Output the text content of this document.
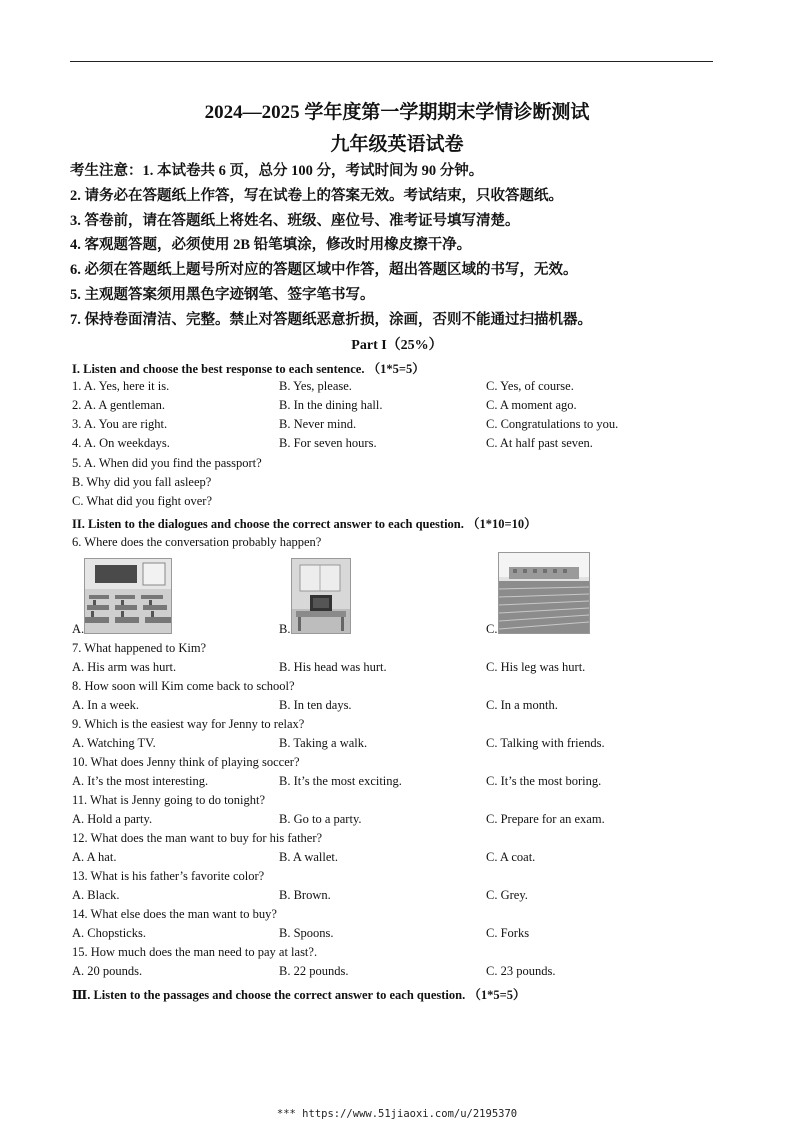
2024—2025 学年度第一学期期末学情诊断测试
九年级英语试卷
考生注意：1. 本试卷共 6 页，总分 100 分，考试时间为 90 分钟。
2. 请务必在答题纸上作答，写在试卷上的答案无效。考试结束，只收答题纸。
3. 答卷前，请在答题纸上将姓名、班级、座位号、准考证号填写清楚。
4. 客观题答题，必须使用 2B 铅笔填涂，修改时用橡皮擦干净。
6. 必须在答题纸上题号所对应的答题区域中作答，超出答题区域的书写，无效。
5. 主观题答案须用黑色字迹钢笔、签字笔书写。
7. 保持卷面清洁、完整。禁止对答题纸恶意折损，涂画，否则不能通过扫描机器。
Part I（25%）
I. Listen and choose the best response to each sentence. （1*5=5）
1. A. Yes, here it is.	B. Yes, please.	C. Yes, of course.
2. A. A gentleman.	B. In the dining hall.	C. A moment ago.
3. A. You are right.	B. Never mind.	C. Congratulations to you.
4. A. On weekdays.	B. For seven hours.	C. At half past seven.
5. A. When did you find the passport?
B. Why did you fall asleep?
C. What did you fight over?
II. Listen to the dialogues and choose the correct answer to each question. （1*10=10）
6. Where does the conversation probably happen?
A.	B.	C.
7. What happened to Kim?
A. His arm was hurt.	B. His head was hurt.	C. His leg was hurt.
8. How soon will Kim come back to school?
A. In a week.	B. In ten days.	C. In a month.
9. Which is the easiest way for Jenny to relax?
A. Watching TV.	B. Taking a walk.	C. Talking with friends.
10. What does Jenny think of playing soccer?
A. It’s the most interesting.	B. It’s the most exciting.	C. It’s the most boring.
11. What is Jenny going to do tonight?
A. Hold a party.	B. Go to a party.	C. Prepare for an exam.
12. What does the man want to buy for his father?
A. A hat.	B. A wallet.	C. A coat.
13. What is his father’s favorite color?
A. Black.	B. Brown.	C. Grey.
14. What else does the man want to buy?
A. Chopsticks.	B. Spoons.	C. Forks
15. How much does the man need to pay at last?.
A. 20 pounds.	B. 22 pounds.	C. 23 pounds.
Ⅲ. Listen to the passages and choose the correct answer to each question. （1*5=5）
*** https://www.51jiaoxi.com/u/2195370
